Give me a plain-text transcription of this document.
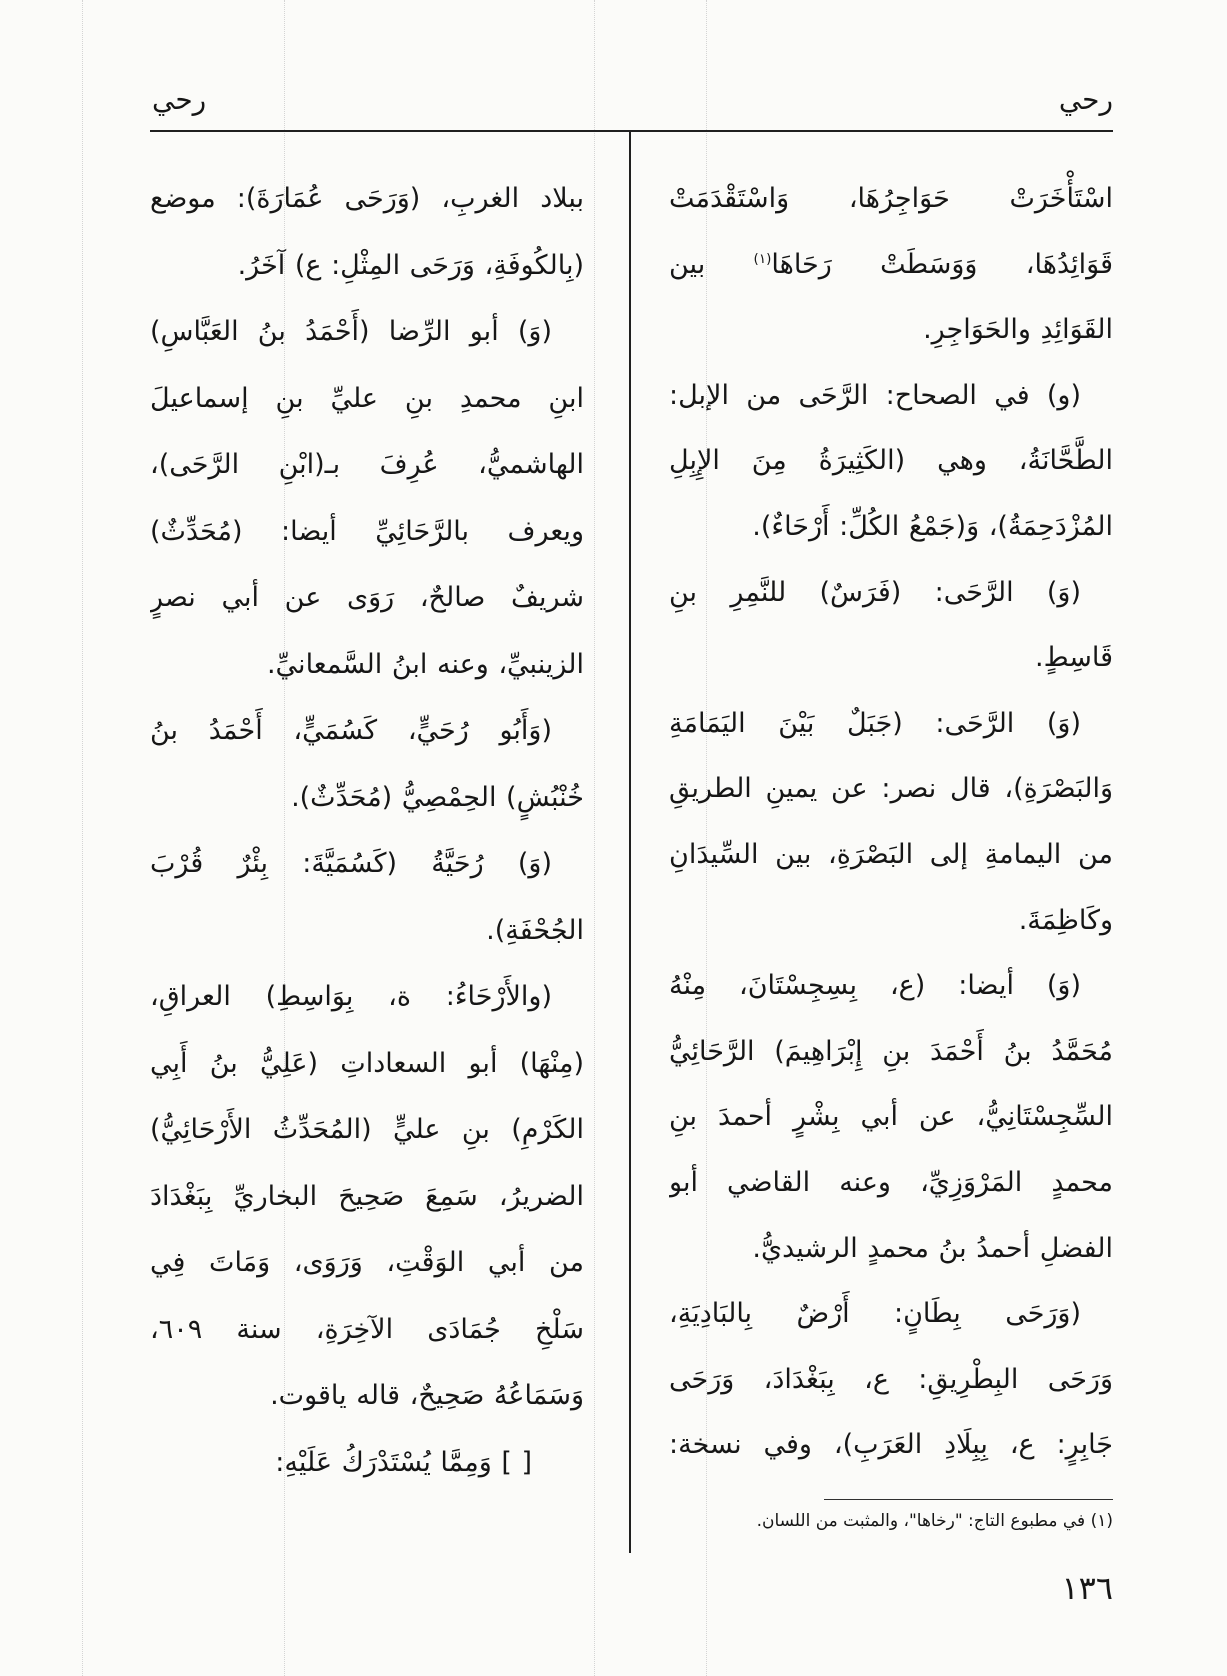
رحي	رحي
اسْتَأْخَرَتْ حَوَاجِرُهَا، وَاسْتَقْدَمَتْ
قَوَائِدُهَا، وَوَسَطَتْ رَحَاهَا$^{(١)}$ بين
القَوَائِدِ والحَوَاجِرِ.
(و) في الصحاح: الرَّحَى من الإبل:
الطَّحَّانَةُ، وهي (الكَثِيرَةُ مِنَ الإِبِلِ
المُزْدَحِمَةُ)، وَ(جَمْعُ الكُلِّ: أَرْحَاءٌ).
(وَ) الرَّحَى: (فَرَسٌ) للنَّمِرِ بنِ
قَاسِطٍ.
(وَ) الرَّحَى: (جَبَلٌ بَيْنَ اليَمَامَةِ
وَالبَصْرَةِ)، قال نصر: عن يمينِ الطريقِ
من اليمامةِ إلى البَصْرَةِ، بين السِّيدَانِ
وكَاظِمَةَ.
(وَ) أيضا: (ع، بِسِجِسْتَانَ، مِنْهُ
مُحَمَّدُ بنُ أَحْمَدَ بنِ إِبْرَاهِيمَ) الرَّحَائِيُّ
السِّجِسْتَانِيُّ، عن أبي بِشْرٍ أحمدَ بنِ
محمدٍ المَرْوَزِيِّ، وعنه القاضي أبو
الفضلِ أحمدُ بنُ محمدٍ الرشيديُّ.
(وَرَحَى بِطَانٍ: أَرْضٌ بِالبَادِيَةِ،
وَرَحَى البِطْرِيقِ: ع، بِبَغْدَادَ، وَرَحَى
جَابِرٍ: ع، بِبِلَادِ العَرَبِ)، وفي نسخة:
ببلاد الغربِ، (وَرَحَى عُمَارَةَ): موضع
(بِالكُوفَةِ، وَرَحَى المِثْلِ: ع) آخَرُ.
(وَ) أبو الرِّضا (أَحْمَدُ بنُ العَبَّاسِ)
ابنِ محمدِ بنِ عليِّ بنِ إسماعيلَ
الهاشميُّ، عُرِفَ بـ(ابْنِ الرَّحَى)،
ويعرف بالرَّحَائِيِّ أيضا: (مُحَدِّثٌ)
شريفٌ صالحٌ، رَوَى عن أبي نصرٍ
الزينبيِّ، وعنه ابنُ السَّمعانيِّ.
(وَأَبُو رُحَيٍّ، كَسُمَيٍّ، أَحْمَدُ بنُ
خُنْبُشٍ) الحِمْصِيُّ (مُحَدِّثٌ).
(وَ) رُحَيَّةُ (كَسُمَيَّةَ: بِئْرٌ قُرْبَ
الجُحْفَةِ).
(والأَرْحَاءُ: ة، بِوَاسِطِ) العراقِ،
(مِنْهَا) أبو السعاداتِ (عَلِيُّ بنُ أَبِي
الكَرْمِ) بنِ عليٍّ (المُحَدِّثُ الأَرْحَائِيُّ)
الضريرُ، سَمِعَ صَحِيحَ البخاريِّ بِبَغْدَادَ
من أبي الوَقْتِ، وَرَوَى، وَمَاتَ فِي
سَلْخِ جُمَادَى الآخِرَةِ، سنة ٦٠٩،
وَسَمَاعُهُ صَحِيحٌ، قاله ياقوت.
[ ] وَمِمَّا يُسْتَدْرَكُ عَلَيْهِ:
(١) في مطبوع التاج: "رخاها"، والمثبت من اللسان.
١٣٦
